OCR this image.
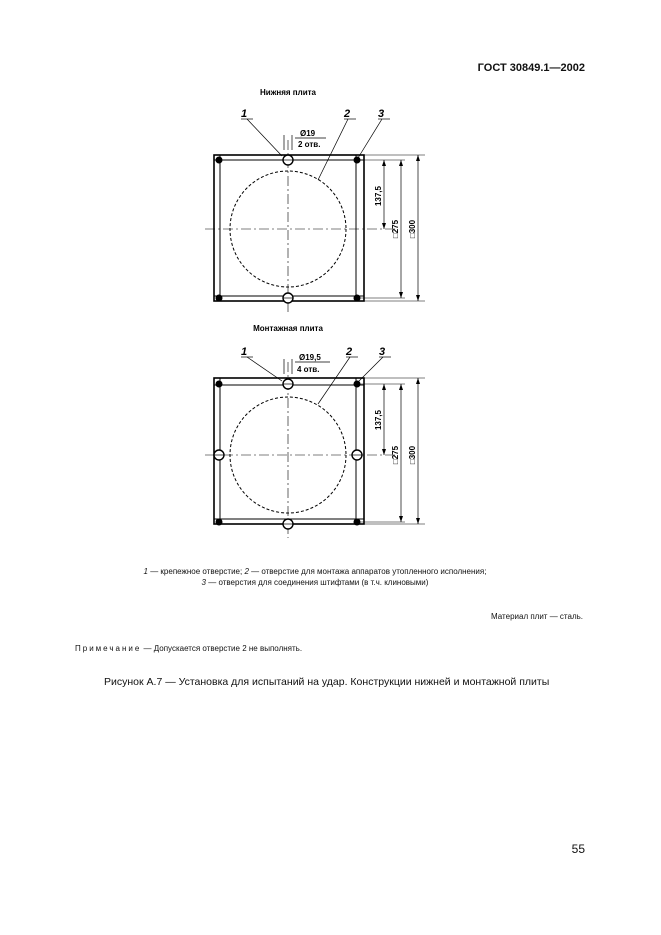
ГОСТ 30849.1—2002
Нижняя плита
Ø19
2 отв.
1	2	3
137,5
□275 □300
Монтажная плита
Ø19,5
4 отв.
1	2 3
137,5
□275 □300
1 — крепежное отверстие; 2 — отверстие для монтажа аппаратов утопленного исполнения;
3 — отверстия для соединения штифтами (в т.ч. клиновыми)
Материал плит — сталь.
Примечание — Допускается отверстие 2 не выполнять.
Рисунок А.7 — Установка для испытаний на удар. Конструкции нижней и монтажной плиты
55
